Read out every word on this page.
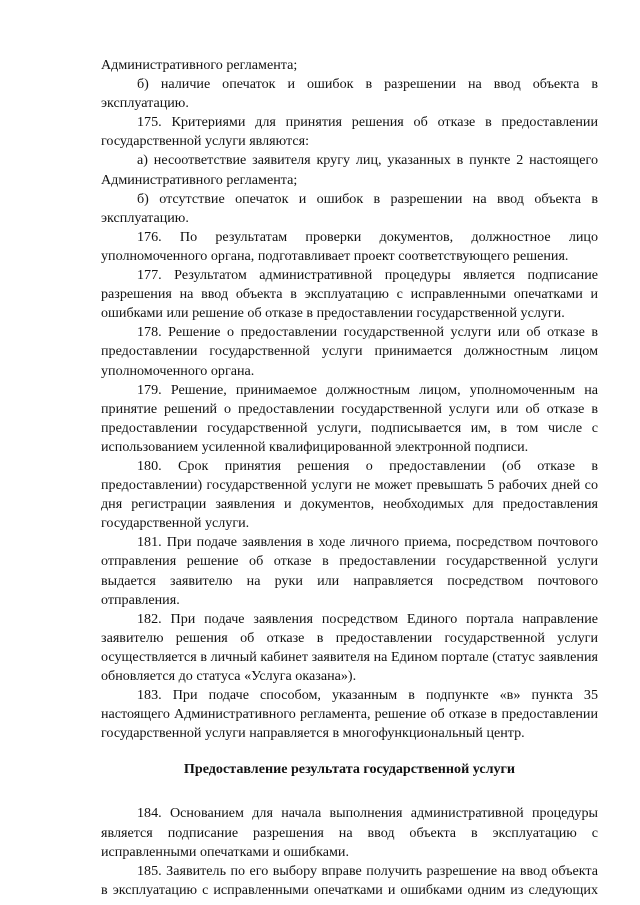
Административного регламента;

б) наличие опечаток и ошибок в разрешении на ввод объекта в эксплуатацию.

175. Критериями для принятия решения об отказе в предоставлении государственной услуги являются:

а) несоответствие заявителя кругу лиц, указанных в пункте 2 настоящего Административного регламента;

б) отсутствие опечаток и ошибок в разрешении на ввод объекта в эксплуатацию.

176. По результатам проверки документов, должностное лицо уполномоченного органа, подготавливает проект соответствующего решения.

177. Результатом административной процедуры является подписание разрешения на ввод объекта в эксплуатацию с исправленными опечатками и ошибками или решение об отказе в предоставлении государственной услуги.

178. Решение о предоставлении государственной услуги или об отказе в предоставлении государственной услуги принимается должностным лицом уполномоченного органа.

179. Решение, принимаемое должностным лицом, уполномоченным на принятие решений о предоставлении государственной услуги или об отказе в предоставлении государственной услуги, подписывается им, в том числе с использованием усиленной квалифицированной электронной подписи.

180. Срок принятия решения о предоставлении (об отказе в предоставлении) государственной услуги не может превышать 5 рабочих дней со дня регистрации заявления и документов, необходимых для предоставления государственной услуги.

181. При подаче заявления в ходе личного приема, посредством почтового отправления решение об отказе в предоставлении государственной услуги выдается заявителю на руки или направляется посредством почтового отправления.

182. При подаче заявления посредством Единого портала направление заявителю решения об отказе в предоставлении государственной услуги осуществляется в личный кабинет заявителя на Едином портале (статус заявления обновляется до статуса «Услуга оказана»).

183. При подаче способом, указанным в подпункте «в» пункта 35 настоящего Административного регламента, решение об отказе в предоставлении государственной услуги направляется в многофункциональный центр.

Предоставление результата государственной услуги

184. Основанием для начала выполнения административной процедуры является подписание разрешения на ввод объекта в эксплуатацию с исправленными опечатками и ошибками.

185. Заявитель по его выбору вправе получить разрешение на ввод объекта в эксплуатацию с исправленными опечатками и ошибками одним из следующих
